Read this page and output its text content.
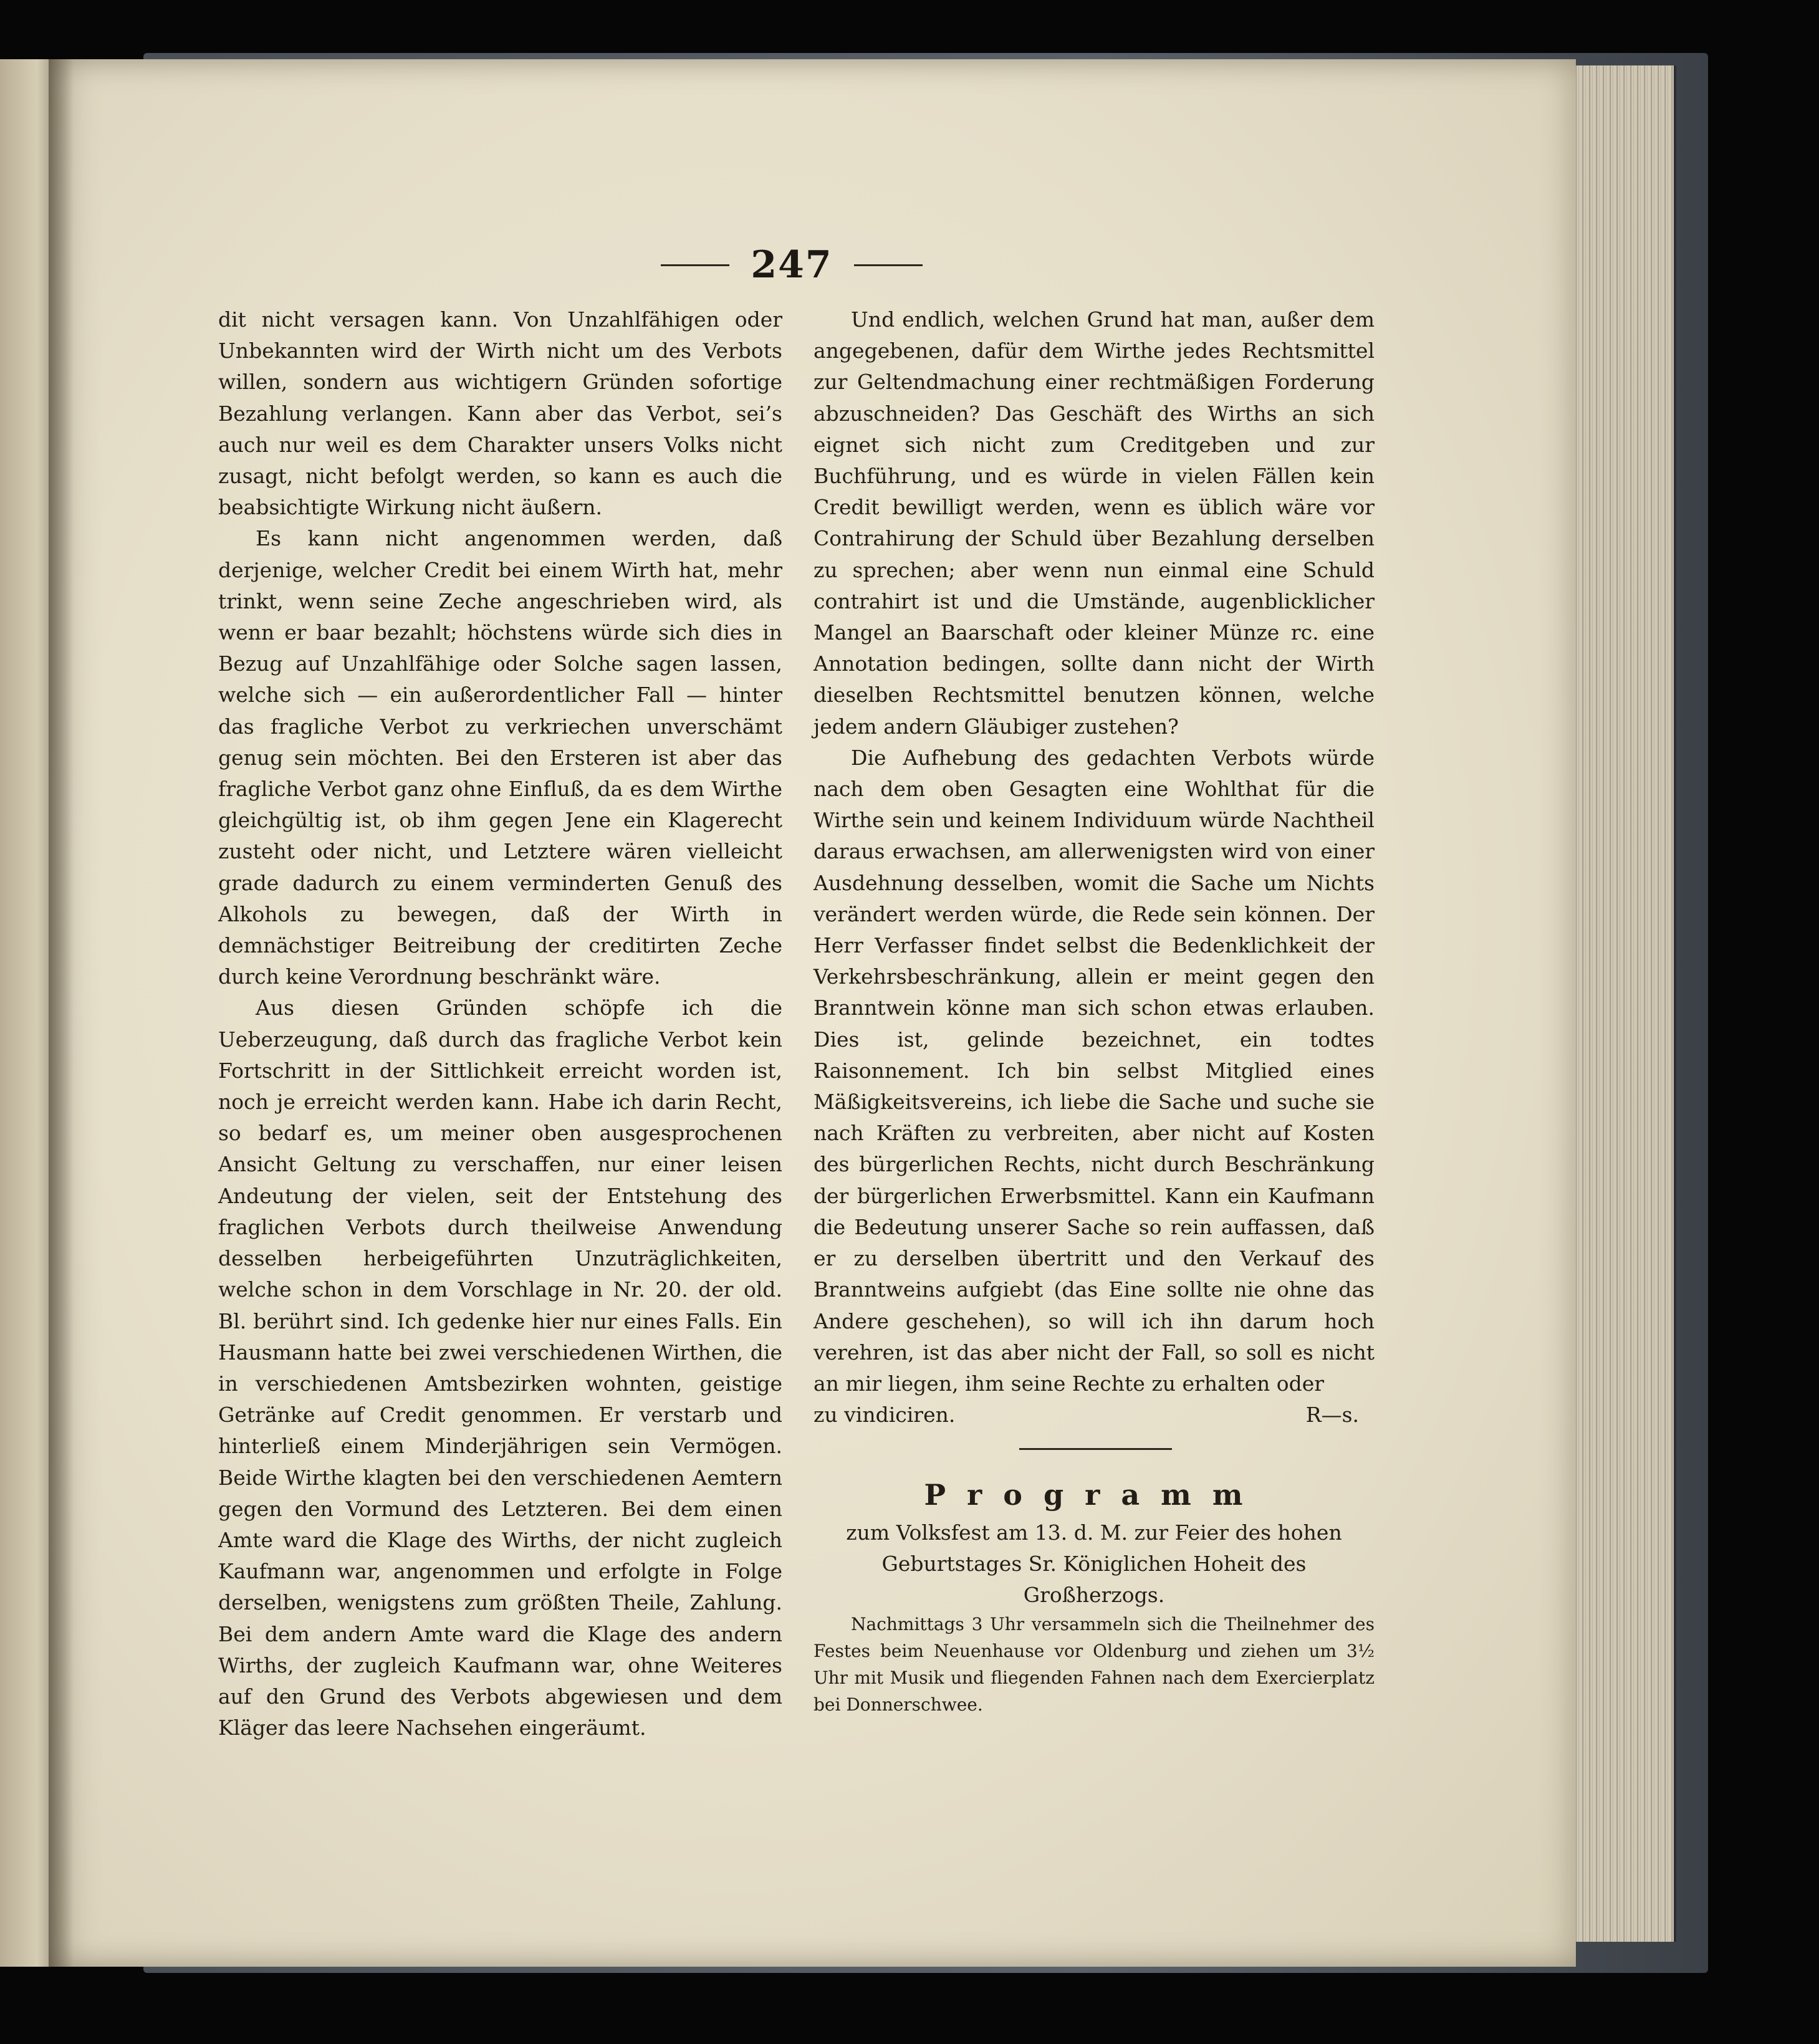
247

dit nicht versagen kann. Von Unzahlfähigen oder Unbekannten wird der Wirth nicht um des Verbots willen, sondern aus wichtigern Gründen sofortige Bezahlung verlangen. Kann aber das Verbot, sei’s auch nur weil es dem Charakter unsers Volks nicht zusagt, nicht befolgt werden, so kann es auch die beabsichtigte Wirkung nicht äußern.

Es kann nicht angenommen werden, daß derjenige, welcher Credit bei einem Wirth hat, mehr trinkt, wenn seine Zeche angeschrieben wird, als wenn er baar bezahlt; höchstens würde sich dies in Bezug auf Unzahlfähige oder Solche sagen lassen, welche sich — ein außerordentlicher Fall — hinter das fragliche Verbot zu verkriechen unverschämt genug sein möchten. Bei den Ersteren ist aber das fragliche Verbot ganz ohne Einfluß, da es dem Wirthe gleichgültig ist, ob ihm gegen Jene ein Klagerecht zusteht oder nicht, und Letztere wären vielleicht grade dadurch zu einem verminderten Genuß des Alkohols zu bewegen, daß der Wirth in demnächstiger Beitreibung der creditirten Zeche durch keine Verordnung beschränkt wäre.

Aus diesen Gründen schöpfe ich die Ueberzeugung, daß durch das fragliche Verbot kein Fortschritt in der Sittlichkeit erreicht worden ist, noch je erreicht werden kann. Habe ich darin Recht, so bedarf es, um meiner oben ausgesprochenen Ansicht Geltung zu verschaffen, nur einer leisen Andeutung der vielen, seit der Entstehung des fraglichen Verbots durch theilweise Anwendung desselben herbeigeführten Unzuträglichkeiten, welche schon in dem Vorschlage in Nr. 20. der old. Bl. berührt sind. Ich gedenke hier nur eines Falls. Ein Hausmann hatte bei zwei verschiedenen Wirthen, die in verschiedenen Amtsbezirken wohnten, geistige Getränke auf Credit genommen. Er verstarb und hinterließ einem Minderjährigen sein Vermögen. Beide Wirthe klagten bei den verschiedenen Aemtern gegen den Vormund des Letzteren. Bei dem einen Amte ward die Klage des Wirths, der nicht zugleich Kaufmann war, angenommen und erfolgte in Folge derselben, wenigstens zum größten Theile, Zahlung. Bei dem andern Amte ward die Klage des andern Wirths, der zugleich Kaufmann war, ohne Weiteres auf den Grund des Verbots abgewiesen und dem Kläger das leere Nachsehen eingeräumt.

Und endlich, welchen Grund hat man, außer dem angegebenen, dafür dem Wirthe jedes Rechtsmittel zur Geltendmachung einer rechtmäßigen Forderung abzuschneiden? Das Geschäft des Wirths an sich eignet sich nicht zum Creditgeben und zur Buchführung, und es würde in vielen Fällen kein Credit bewilligt werden, wenn es üblich wäre vor Contrahirung der Schuld über Bezahlung derselben zu sprechen; aber wenn nun einmal eine Schuld contrahirt ist und die Umstände, augenblicklicher Mangel an Baarschaft oder kleiner Münze rc. eine Annotation bedingen, sollte dann nicht der Wirth dieselben Rechtsmittel benutzen können, welche jedem andern Gläubiger zustehen?

Die Aufhebung des gedachten Verbots würde nach dem oben Gesagten eine Wohlthat für die Wirthe sein und keinem Individuum würde Nachtheil daraus erwachsen, am allerwenigsten wird von einer Ausdehnung desselben, womit die Sache um Nichts verändert werden würde, die Rede sein können. Der Herr Verfasser findet selbst die Bedenklichkeit der Verkehrsbeschränkung, allein er meint gegen den Branntwein könne man sich schon etwas erlauben. Dies ist, gelinde bezeichnet, ein todtes Raisonnement. Ich bin selbst Mitglied eines Mäßigkeitsvereins, ich liebe die Sache und suche sie nach Kräften zu verbreiten, aber nicht auf Kosten des bürgerlichen Rechts, nicht durch Beschränkung der bürgerlichen Erwerbsmittel. Kann ein Kaufmann die Bedeutung unserer Sache so rein auffassen, daß er zu derselben übertritt und den Verkauf des Branntweins aufgiebt (das Eine sollte nie ohne das Andere geschehen), so will ich ihn darum hoch verehren, ist das aber nicht der Fall, so soll es nicht an mir liegen, ihm seine Rechte zu erhalten oder

zu vindiciren.	R—s.
Programm
zum Volksfest am 13. d. M. zur Feier des hohen Geburtstages Sr. Königlichen Hoheit des Großherzogs.

Nachmittags 3 Uhr versammeln sich die Theilnehmer des Festes beim Neuenhause vor Oldenburg und ziehen um 3½ Uhr mit Musik und fliegenden Fahnen nach dem Exercierplatz bei Donnerschwee.
